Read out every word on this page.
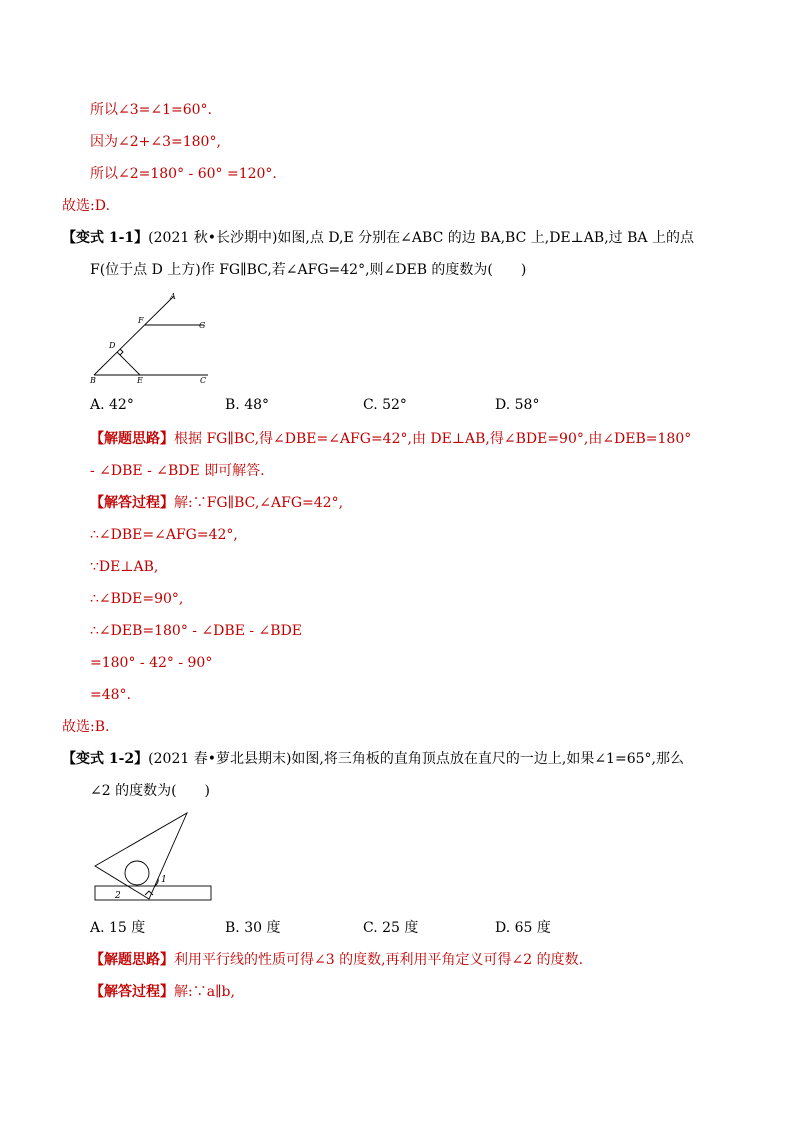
所以∠3=∠1=60°.
因为∠2+∠3=180°,
所以∠2=180° - 60° =120°.
故选:D.
【变式 1-1】(2021 秋•长沙期中)如图,点 D,E 分别在∠ABC 的边 BA,BC 上,DE⊥AB,过 BA 上的点
F(位于点 D 上方)作 FG∥BC,若∠AFG=42°,则∠DEB 的度数为(　　)
A
F
G
D
B	E	C
A. 42°	B. 48°	C. 52°	D. 58°
【解题思路】根据 FG∥BC,得∠DBE=∠AFG=42°,由 DE⊥AB,得∠BDE=90°,由∠DEB=180°
- ∠DBE - ∠BDE 即可解答.
【解答过程】解:∵FG∥BC,∠AFG=42°,
∴∠DBE=∠AFG=42°,
∵DE⊥AB,
∴∠BDE=90°,
∴∠DEB=180° - ∠DBE - ∠BDE
=180° - 42° - 90°
=48°.
故选:B.
【变式 1-2】(2021 春•萝北县期末)如图,将三角板的直角顶点放在直尺的一边上,如果∠1=65°,那么
∠2 的度数为(　　)
1
2
A. 15 度	B. 30 度	C. 25 度	D. 65 度
【解题思路】利用平行线的性质可得∠3 的度数,再利用平角定义可得∠2 的度数.
【解答过程】解:∵a∥b,
